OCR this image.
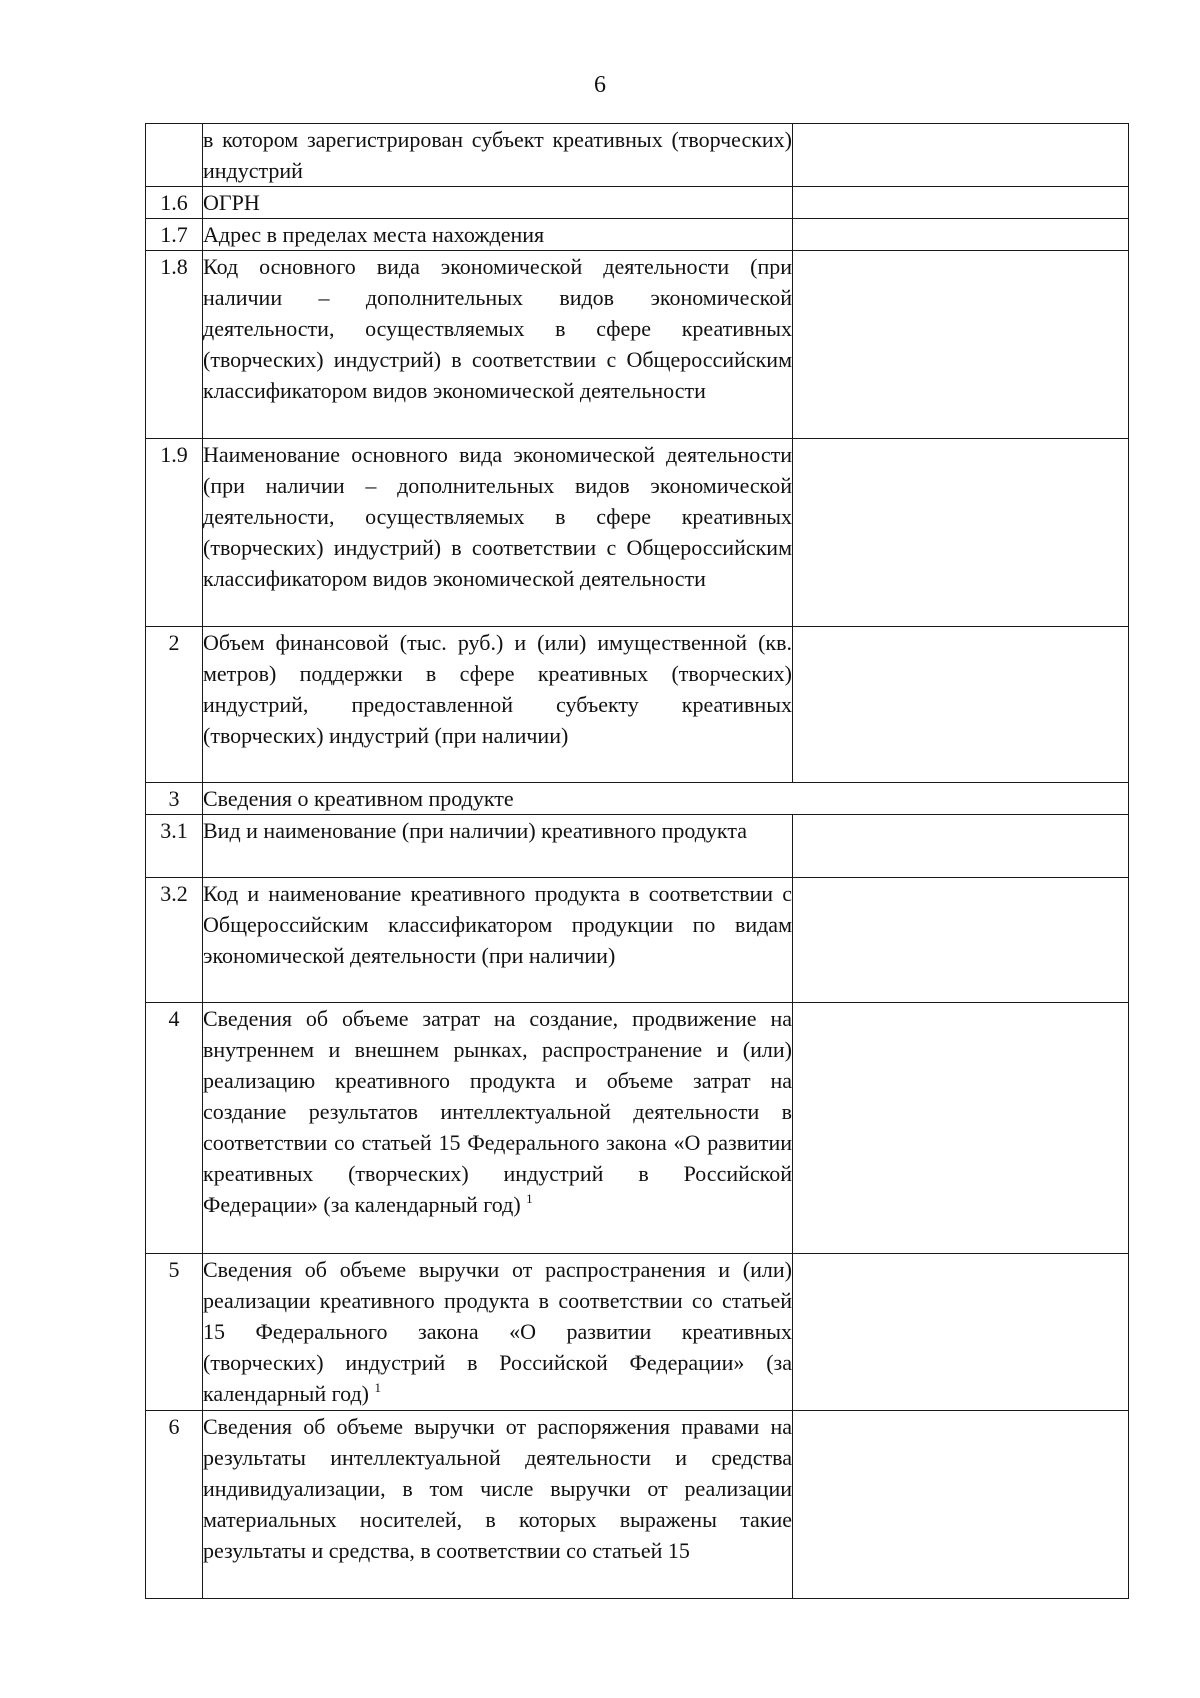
6
	в котором зарегистрирован субъект креативных (творческих) индустрий	
1.6	ОГРН	
1.7	Адрес в пределах места нахождения	
1.8	Код основного вида экономической деятельности (при наличии – дополнительных видов экономической деятельности, осуществляемых в сфере креативных (творческих) индустрий) в соответствии с Общероссийским классификатором видов экономической деятельности	
1.9	Наименование основного вида экономической деятельности (при наличии – дополнительных видов экономической деятельности, осуществляемых в сфере креативных (творческих) индустрий) в соответствии с Общероссийским классификатором видов экономической деятельности	
2	Объем финансовой (тыс. руб.) и (или) имущественной (кв. метров) поддержки в сфере креативных (творческих) индустрий, предоставленной субъекту креативных (творческих) индустрий (при наличии)	
3	Сведения о креативном продукте	
3.1	Вид и наименование (при наличии) креативного продукта	
3.2	Код и наименование креативного продукта в соответствии с Общероссийским классификатором продукции по видам экономической деятельности (при наличии)	
4	Сведения об объеме затрат на создание, продвижение на внутреннем и внешнем рынках, распространение и (или) реализацию креативного продукта и объеме затрат на создание результатов интеллектуальной деятельности в соответствии со статьей 15 Федерального закона «О развитии креативных (творческих) индустрий в Российской Федерации» (за календарный год) $^1$	
5	Сведения об объеме выручки от распространения и (или) реализации креативного продукта в соответствии со статьей 15 Федерального закона «О развитии креативных (творческих) индустрий в Российской Федерации» (за календарный год) $^1$	
6	Сведения об объеме выручки от распоряжения правами на результаты интеллектуальной деятельности и средства индивидуализации, в том числе выручки от реализации материальных носителей, в которых выражены такие результаты и средства, в соответствии со статьей 15	
